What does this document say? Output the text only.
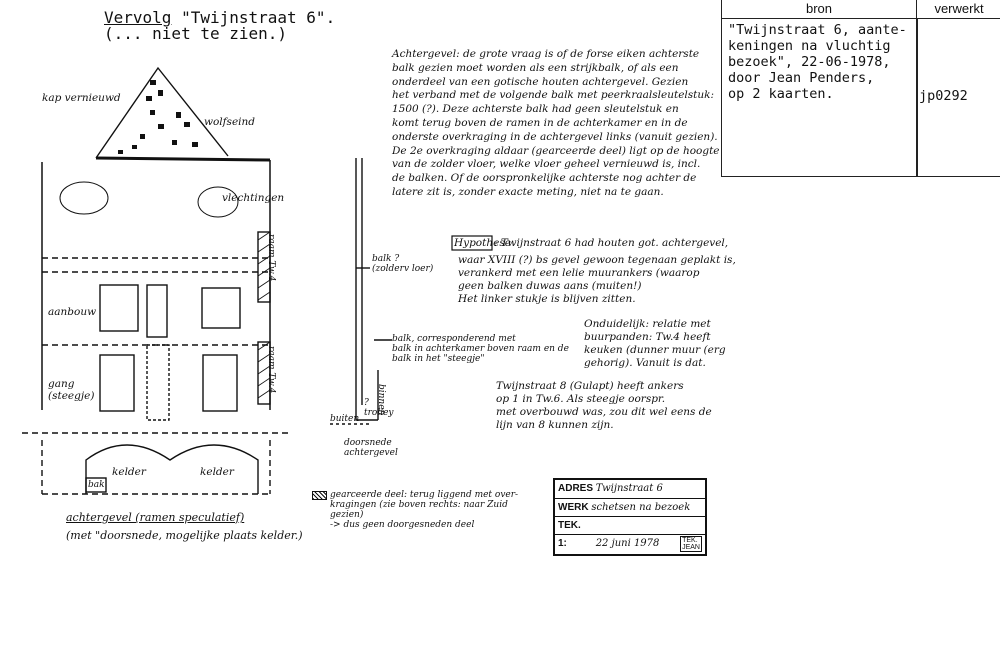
Vervolg "Twijnstraat 6".
(... niet te zien.)
bron	verwerkt
"Twijnstraat 6, aante-
keningen na vluchtig
bezoek", 22-06-1978,
door Jean Penders,
op 2 kaarten.	jp0292
kap vernieuwd
wolfseind
vlechtingen
aanbouw
gang
(steegje)
kelder	kelder
bak
raam Tw.4
raam Tw.4
balk ?
(zolderv loer)
balk, corresponderend met
balk in achterkamer boven raam en de
balk in het "steegje"
buiten
binnen
?
trolley
doorsnede
achtergevel
achtergevel (ramen speculatief)
(met "doorsnede, mogelijke plaats kelder.)
Achtergevel: de grote vraag is of de forse eiken achterste
balk gezien moet worden als een strijkbalk, of als een
onderdeel van een gotische houten achtergevel. Gezien
het verband met de volgende balk met peerkraalsleutelstuk:
1500 (?). Deze achterste balk had geen sleutelstuk en
komt terug boven de ramen in de achterkamer en in de
onderste overkraging in de achtergevel links (vanuit gezien).
De 2e overkraging aldaar (gearceerde deel) ligt op de hoogte
van de zolder vloer, welke vloer geheel vernieuwd is, incl.
de balken. Of de oorspronkelijke achterste nog achter de
latere zit is, zonder exacte meting, niet na te gaan.
Hypothese
: Twijnstraat 6 had houten got. achtergevel,
waar XVIII (?) bs gevel gewoon tegenaan geplakt is,
verankerd met een lelie muurankers (waarop
geen balken duwas aans (muiten!)
Het linker stukje is blijven zitten.
Onduidelijk: relatie met
buurpanden: Tw.4 heeft
keuken (dunner muur (erg
gehorig). Vanuit is dat.
Twijnstraat 8 (Gulapt) heeft ankers
op 1 in Tw.6. Als steegje oorspr.
met overbouwd was, zou dit wel eens de
lijn van 8 kunnen zijn.
gearceerde deel: terug liggend met over-
kragingen (zie boven rechts: naar Zuid
gezien)
-> dus geen doorgesneden deel
ADRES Twijnstraat 6
WERK schetsen na bezoek
TEK.
1:	22 juni 1978	TEK.
JEAN
